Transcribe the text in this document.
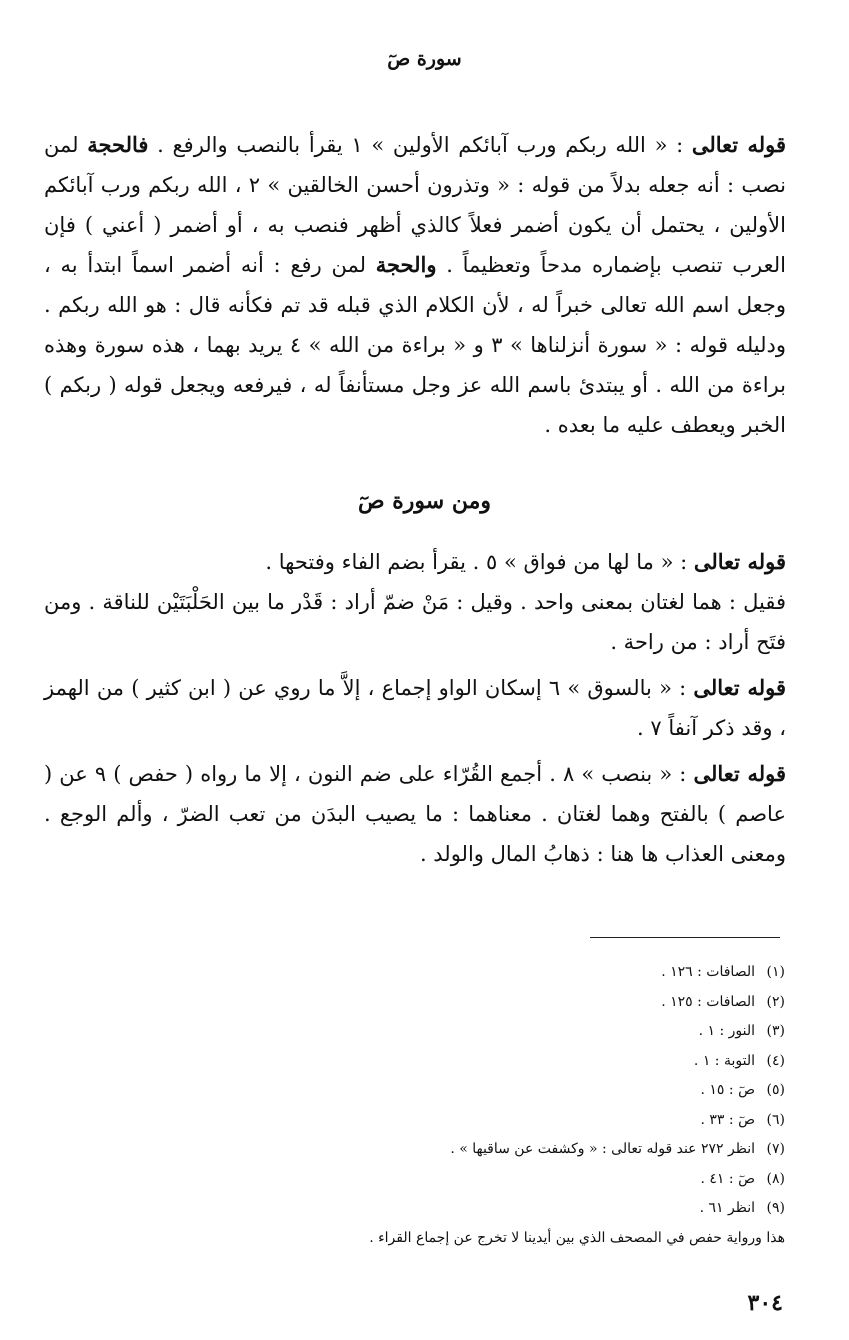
سورة صٓ

قوله تعالى : « الله ربكم ورب آبائكم الأولين » ١ يقرأ بالنصب والرفع . فالحجة لمن نصب : أنه جعله بدلاً من قوله : « وتذرون أحسن الخالقين » ٢ ، الله ربكم ورب آبائكم الأولين ، يحتمل أن يكون أضمر فعلاً كالذي أظهر فنصب به ، أو أضمر ( أعني ) فإن العرب تنصب بإضماره مدحاً وتعظيماً . والحجة لمن رفع : أنه أضمر اسماً ابتدأ به ، وجعل اسم الله تعالى خبراً له ، لأن الكلام الذي قبله قد تم فكأنه قال : هو الله ربكم . ودليله قوله : « سورة أنزلناها » ٣ و « براءة من الله » ٤ يريد بهما ، هذه سورة وهذه براءة من الله . أو يبتدئ باسم الله عز وجل مستأنفاً له ، فيرفعه ويجعل قوله ( ربكم ) الخبر ويعطف عليه ما بعده .

ومن سورة صٓ

قوله تعالى : « ما لها من فواق » ٥ . يقرأ بضم الفاء وفتحها .

فقيل : هما لغتان بمعنى واحد . وقيل : مَنْ ضمّ أراد : قَدْر ما بين الحَلْبَتَيْن للناقة . ومن فتَح أراد : من راحة .

قوله تعالى : « بالسوق » ٦ إسكان الواو إجماع ، إلاَّ ما روي عن ( ابن كثير ) من الهمز ، وقد ذكر آنفاً ٧ .

قوله تعالى : « بنصب » ٨ . أجمع القُرّاء على ضم النون ، إلا ما رواه ( حفص ) ٩ عن ( عاصم ) بالفتح وهما لغتان . معناهما : ما يصيب البدَن من تعب الضرّ ، وألم الوجع . ومعنى العذاب ها هنا : ذهابُ المال والولد .

(١)الصافات : ١٢٦ .
(٢)الصافات : ١٢٥ .
(٣)النور : ١ .
(٤)التوبة : ١ .
(٥)صٓ : ١٥ .
(٦)صٓ : ٣٣ .
(٧)انظر ٢٧٢ عند قوله تعالى : « وكشفت عن ساقيها » .
(٨)صٓ : ٤١ .
(٩)انظر ٦١ .
هذا ورواية حفص في المصحف الذي بين أيدينا لا تخرج عن إجماع القراء .
٣٠٤
